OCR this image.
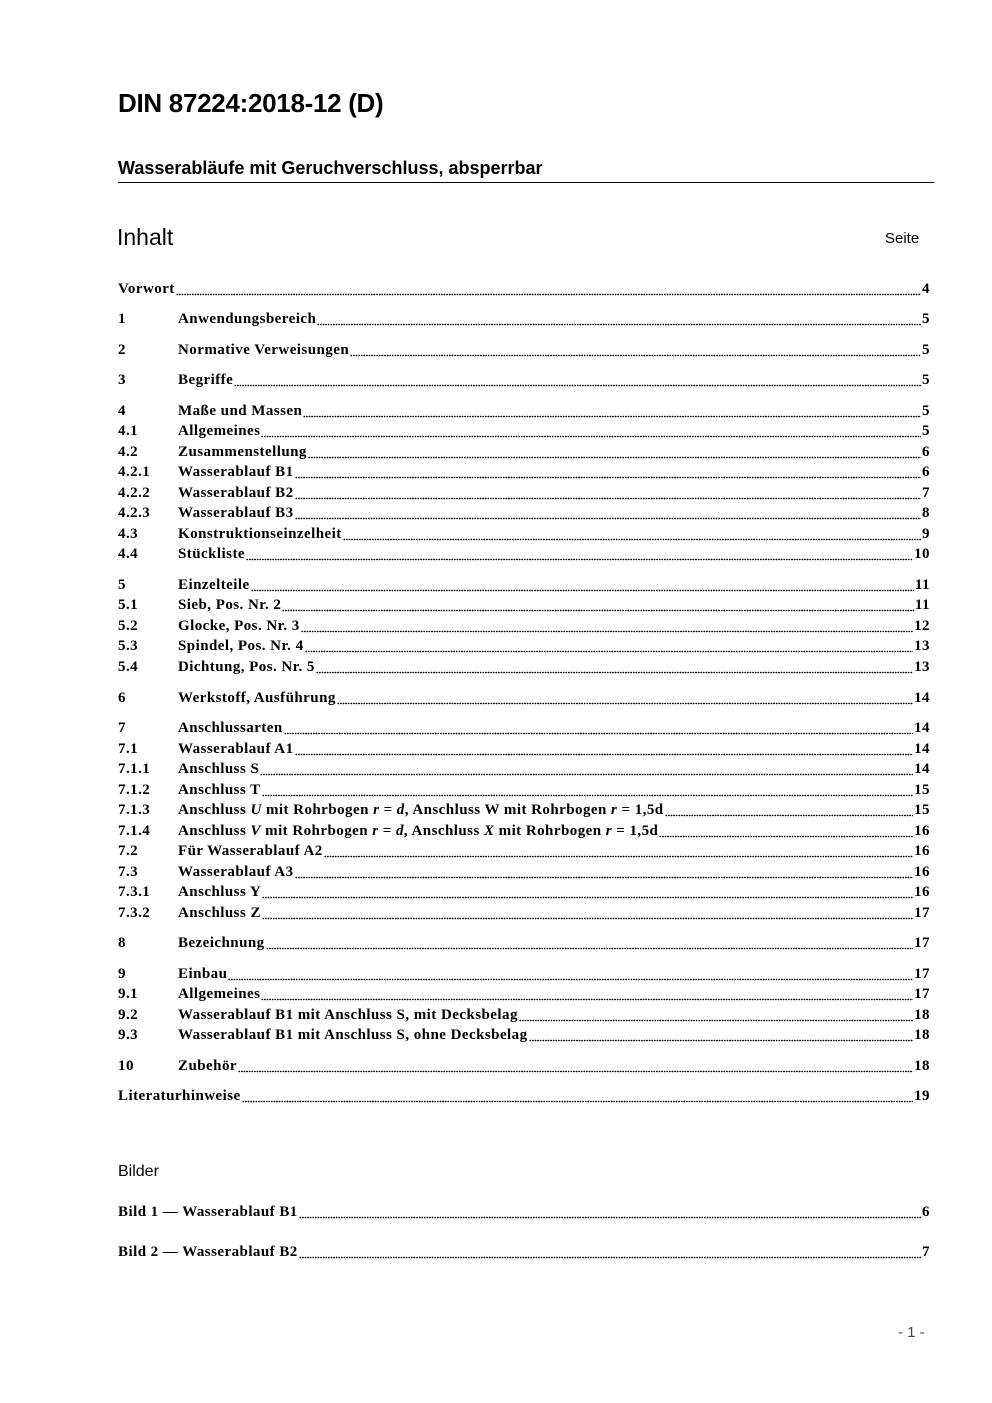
DIN 87224:2018-12 (D)
Wasserabläufe mit Geruchverschluss, absperrbar
Inhalt	Seite
Vorwort	4
1	Anwendungsbereich	5
2	Normative Verweisungen	5
3	Begriffe	5
4	Maße und Massen	5
4.1	Allgemeines	5
4.2	Zusammenstellung	6
4.2.1	Wasserablauf B1	6
4.2.2	Wasserablauf B2	7
4.2.3	Wasserablauf B3	8
4.3	Konstruktionseinzelheit	9
4.4	Stückliste	10
5	Einzelteile	11
5.1	Sieb, Pos. Nr. 2	11
5.2	Glocke, Pos. Nr. 3	12
5.3	Spindel, Pos. Nr. 4	13
5.4	Dichtung, Pos. Nr. 5	13
6	Werkstoff, Ausführung	14
7	Anschlussarten	14
7.1	Wasserablauf A1	14
7.1.1	Anschluss S	14
7.1.2	Anschluss T	15
7.1.3	Anschluss U mit Rohrbogen r = d, Anschluss W mit Rohrbogen r = 1,5d	15
7.1.4	Anschluss V mit Rohrbogen r = d, Anschluss X mit Rohrbogen r = 1,5d	16
7.2	Für Wasserablauf A2	16
7.3	Wasserablauf A3	16
7.3.1	Anschluss Y	16
7.3.2	Anschluss Z	17
8	Bezeichnung	17
9	Einbau	17
9.1	Allgemeines	17
9.2	Wasserablauf B1 mit Anschluss S, mit Decksbelag	18
9.3	Wasserablauf B1 mit Anschluss S, ohne Decksbelag	18
10	Zubehör	18
Literaturhinweise	19
Bilder
Bild 1 — Wasserablauf B1	6
Bild 2 — Wasserablauf B2	7
- 1 -
